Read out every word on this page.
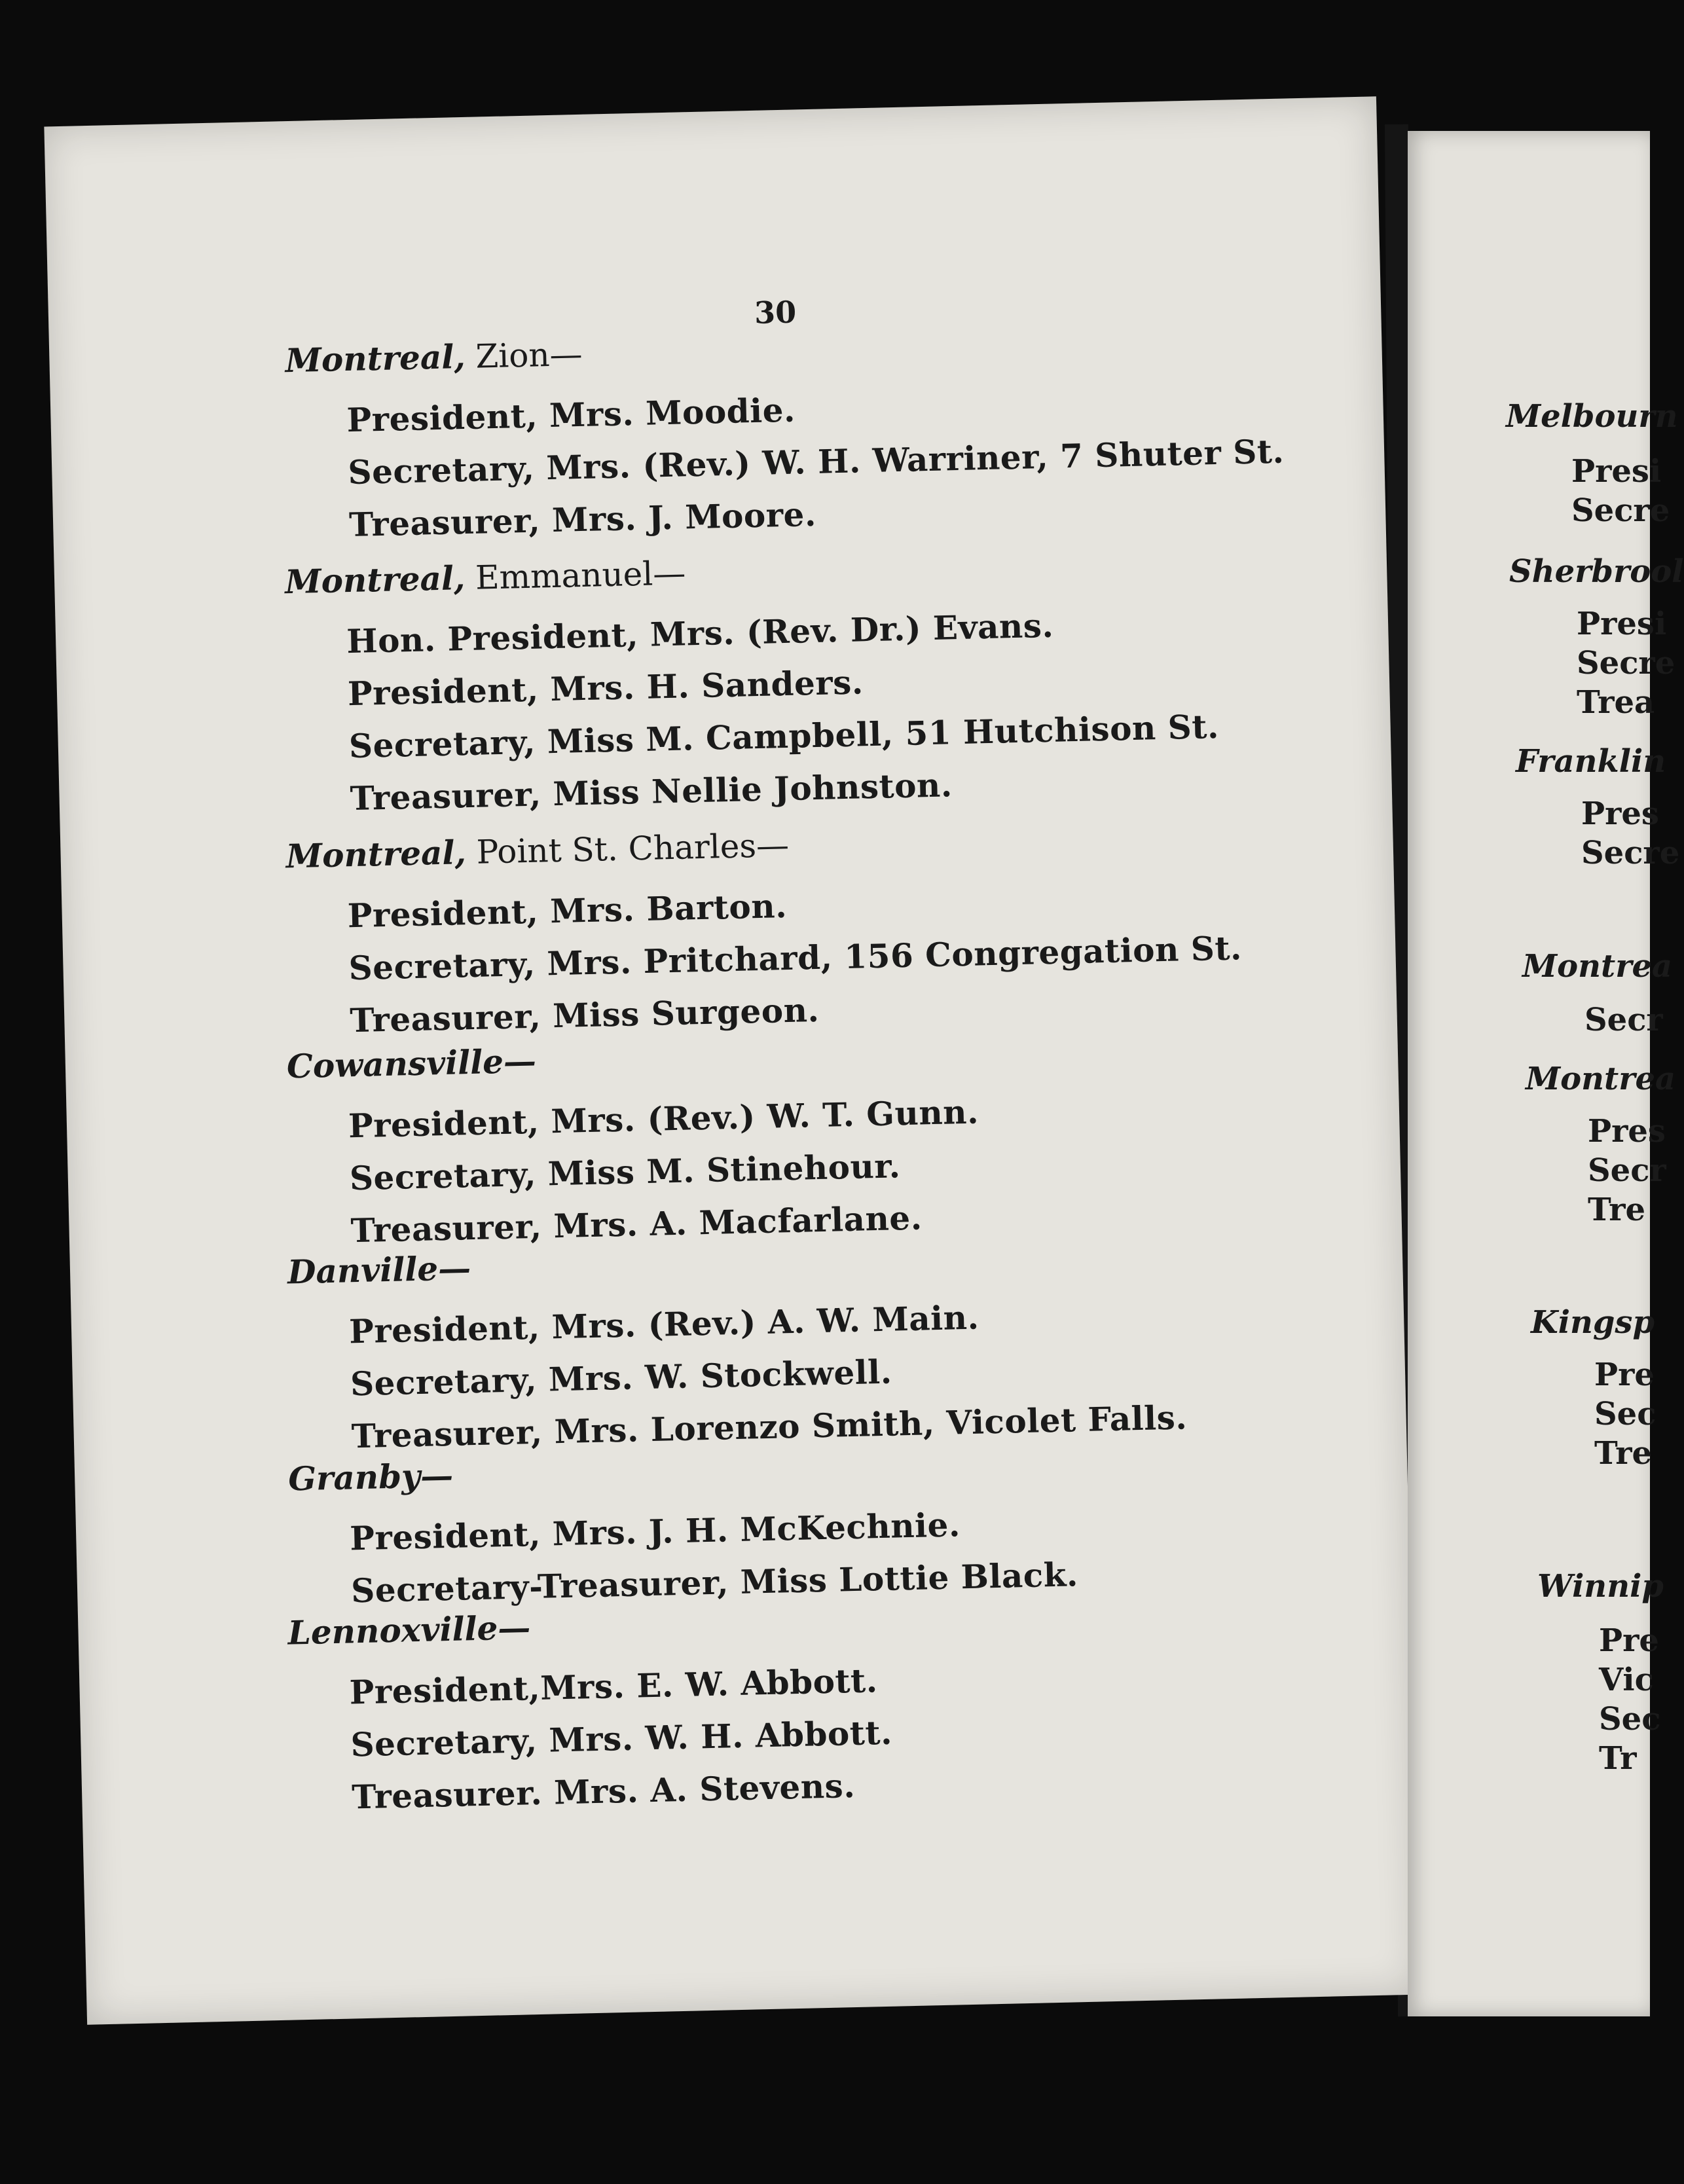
30
Montreal, Zion—
President, Mrs. Moodie.
Secretary, Mrs. (Rev.) W. H. Warriner, 7 Shuter St.
Treasurer, Mrs. J. Moore.
Montreal, Emmanuel—
Hon. President, Mrs. (Rev. Dr.) Evans.
President, Mrs. H. Sanders.
Secretary, Miss M. Campbell, 51 Hutchison St.
Treasurer, Miss Nellie Johnston.
Montreal, Point St. Charles—
President, Mrs. Barton.
Secretary, Mrs. Pritchard, 156 Congregation St.
Treasurer, Miss Surgeon.
Cowansville—
President, Mrs. (Rev.) W. T. Gunn.
Secretary, Miss M. Stinehour.
Treasurer, Mrs. A. Macfarlane.
Danville—
President, Mrs. (Rev.) A. W. Main.
Secretary, Mrs. W. Stockwell.
Treasurer, Mrs. Lorenzo Smith, Vicolet Falls.
Granby—
President, Mrs. J. H. McKechnie.
Secretary-Treasurer, Miss Lottie Black.
Lennoxville—
President,Mrs. E. W. Abbott.
Secretary, Mrs. W. H. Abbott.
Treasurer. Mrs. A. Stevens.
Melbourn
Presi
Secre
Sherbrool
Presi
Secre
Trea
Franklin
Pres
Secre
Montrea
Secr
Montrea
Pres
Secr
Tre
Kingsp
Pre
Sec
Tre
Winnip
Pre
Vic
Sec
Tr
